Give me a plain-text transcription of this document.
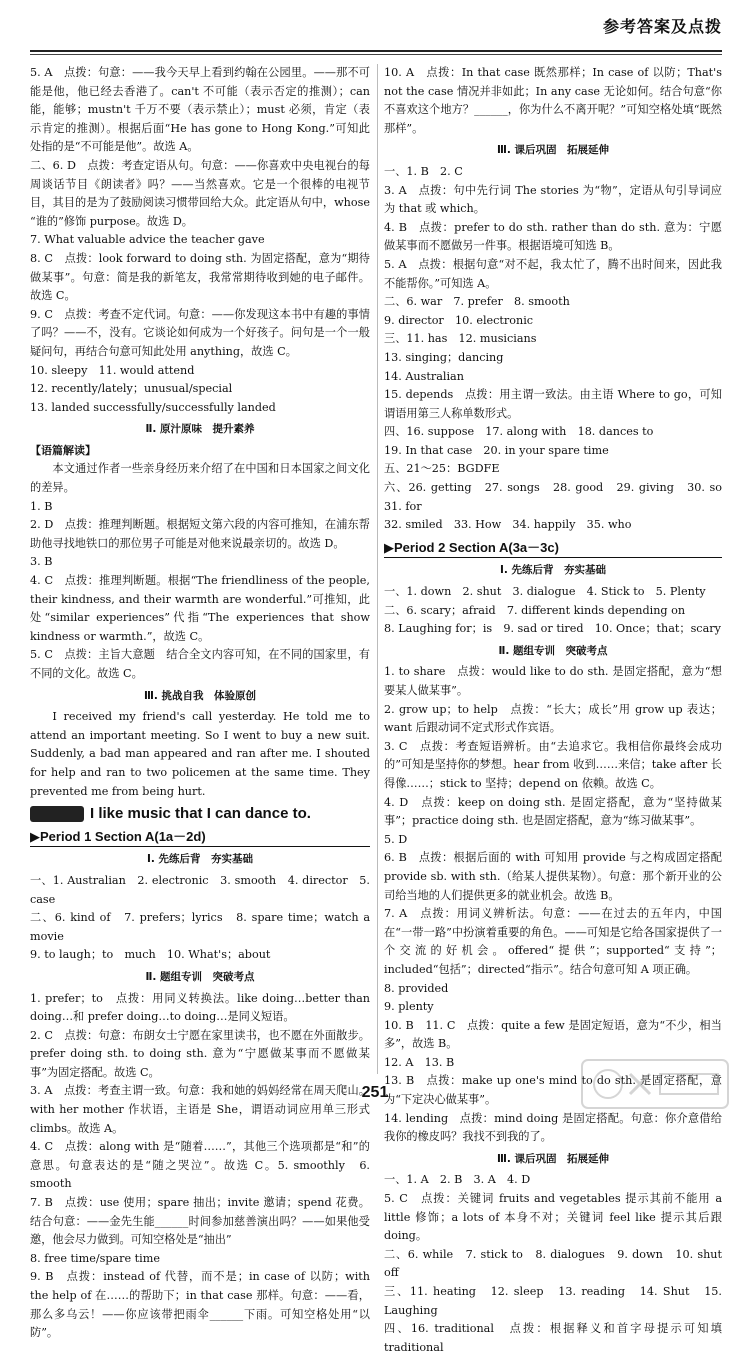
参考答案及点拨

5. A　点拨：句意：——我今天早上看到约翰在公园里。——那不可能是他，他已经去香港了。can't 不可能（表示否定的推测）；can 能，能够；mustn't 千万不要（表示禁止）；must 必须，肯定（表示肯定的推测）。根据后面“He has gone to Hong Kong.”可知此处指的是“不可能是他”。故选 A。

二、6. D　点拨：考查定语从句。句意：——你喜欢中央电视台的每周谈话节目《朗读者》吗？——当然喜欢。它是一个很棒的电视节目，其目的是为了鼓励阅读习惯带回给大众。此定语从句中，whose “谁的”修饰 purpose。故选 D。

7. What valuable advice the teacher gave

8. C　点拨：look forward to doing sth. 为固定搭配，意为“期待做某事”。句意：简是我的新笔友，我常常期待收到她的电子邮件。故选 C。

9. C　点拨：考查不定代词。句意：——你发现这本书中有趣的事情了吗？——不，没有。它谈论如何成为一个好孩子。问句是一个一般疑问句，再结合句意可知此处用 anything，故选 C。

10. sleepy　11. would attend

12. recently/lately；unusual/special

13. landed successfully/successfully landed

Ⅱ. 原汁原味　提升素养
【语篇解读】

本文通过作者一些亲身经历来介绍了在中国和日本国家之间文化的差异。

1. B

2. D　点拨：推理判断题。根据短文第六段的内容可推知，在浦东帮助他寻找地铁口的那位男子可能是对他来说最亲切的。故选 D。

3. B

4. C　点拨：推理判断题。根据“The friendliness of the people, their kindness, and their warmth are wonderful.”可推知，此处“similar experiences”代指“The experiences that show kindness or warmth.”，故选 C。

5. C　点拨：主旨大意题　结合全文内容可知，在不同的国家里，有不同的文化。故选 C。

Ⅲ. 挑战自我　体验原创

I received my friend's call yesterday. He told me to attend an important meeting. So I went to buy a new suit. Suddenly, a bad man appeared and ran after me. I shouted for help and ran to two policemen at the same time. They prevented me from being hurt.

I like music that I can dance to.
▶Period 1 Section A(1a－2d)
Ⅰ. 先练后背　夯实基础

一、1. Australian　2. electronic　3. smooth　4. director　5. case

二、6. kind of　7. prefers；lyrics　8. spare time；watch a movie

9. to laugh；to　much　10. What's；about

Ⅱ. 题组专训　突破考点

1. prefer；to　点拨：用同义转换法。like doing…better than doing…和 prefer doing…to doing…是同义短语。

2. C　点拨：句意：布朗女士宁愿在家里读书，也不愿在外面散步。prefer doing sth. to doing sth. 意为“宁愿做某事而不愿做某事”为固定搭配。故选 C。

3. A　点拨：考查主谓一致。句意：我和她的妈妈经常在周天爬山。with her mother 作状语，主语是 She，谓语动词应用单三形式 climbs。故选 A。

4. C　点拨：along with 是“随着……”，其他三个选项都是“和”的意思。句意表达的是“随之哭泣”。故选 C。5. smoothly　6. smooth

7. B　点拨：use 使用；spare 抽出；invite 邀请；spend 花费。结合句意：——金先生能______时间参加慈善演出吗？——如果他受邀，他会尽力做到。可知空格处是“抽出”

8. free time/spare time

9. B　点拨：instead of 代替，而不是；in case of 以防；with the help of 在……的帮助下；in that case 那样。句意：——看，那么多乌云！——你应该带把雨伞______下雨。可知空格处用“以防”。

10. A　点拨：In that case 既然那样；In case of 以防；That's not the case 情况并非如此；In any case 无论如何。结合句意“你不喜欢这个地方？______，你为什么不离开呢？”可知空格处填“既然那样”。

Ⅲ. 课后巩固　拓展延伸

一、1. B　2. C

3. A　点拨：句中先行词 The stories 为“物”，定语从句引导词应为 that 或 which。

4. B　点拨：prefer to do sth. rather than do sth. 意为：宁愿做某事而不愿做另一件事。根据语境可知选 B。

5. A　点拨：根据句意“对不起，我太忙了，腾不出时间来，因此我不能帮你。”可知选 A。

二、6. war　7. prefer　8. smooth

9. director　10. electronic

三、11. has　12. musicians

13. singing；dancing

14. Australian

15. depends　点拨：用主谓一致法。由主语 Where to go，可知谓语用第三人称单数形式。

四、16. suppose　17. along with　18. dances to

19. In that case　20. in your spare time

五、21～25：BGDFE

六、26. getting　27. songs　28. good　29. giving　30. so　31. for

32. smiled　33. How　34. happily　35. who

▶Period 2 Section A(3a－3c)
Ⅰ. 先练后背　夯实基础

一、1. down　2. shut　3. dialogue　4. Stick to　5. Plenty

二、6. scary；afraid　7. different kinds depending on

8. Laughing for；is　9. sad or tired　10. Once；that；scary

Ⅱ. 题组专训　突破考点

1. to share　点拨：would like to do sth. 是固定搭配，意为“想要某人做某事”。

2. grow up；to help　点拨：“长大；成长”用 grow up 表达；want 后跟动词不定式形式作宾语。

3. C　点拨：考查短语辨析。由“去追求它。我相信你最终会成功的”可知是坚持你的梦想。hear from 收到……来信；take after 长得像……；stick to 坚持；depend on 依赖。故选 C。

4. D　点拨：keep on doing sth. 是固定搭配，意为“坚持做某事”；practice doing sth. 也是固定搭配，意为“练习做某事”。

5. D

6. B　点拨：根据后面的 with 可知用 provide 与之构成固定搭配 provide sb. with sth.（给某人提供某物）。句意：那个新开业的公司给当地的人们提供更多的就业机会。故选 B。

7. A　点拨：用词义辨析法。句意：——在过去的五年内，中国在“一带一路”中扮演着重要的角色。——可知是它给各国家提供了一个交流的好机会。offered“提供”；supported“支持”；included“包括”；directed“指示”。结合句意可知 A 项正确。

8. provided

9. plenty

10. B　11. C　点拨：quite a few 是固定短语，意为“不少，相当多”，故选 B。

12. A　13. B

13. B　点拨：make up one's mind to do sth. 是固定搭配，意为“下定决心做某事”。

14. lending　点拨：mind doing 是固定搭配。句意：你介意借给我你的橡皮吗？我找不到我的了。

Ⅲ. 课后巩固　拓展延伸

一、1. A　2. B　3. A　4. D

5. C　点拨：关键词 fruits and vegetables 提示其前不能用 a little 修饰；a lots of 本身不对；关键词 feel like 提示其后跟 doing。

二、6. while　7. stick to　8. dialogues　9. down　10. shut off

三、11. heating　12. sleep　13. reading　14. Shut　15. Laughing

四、16. traditional　点拨：根据释义和首字母提示可知填 traditional

251
